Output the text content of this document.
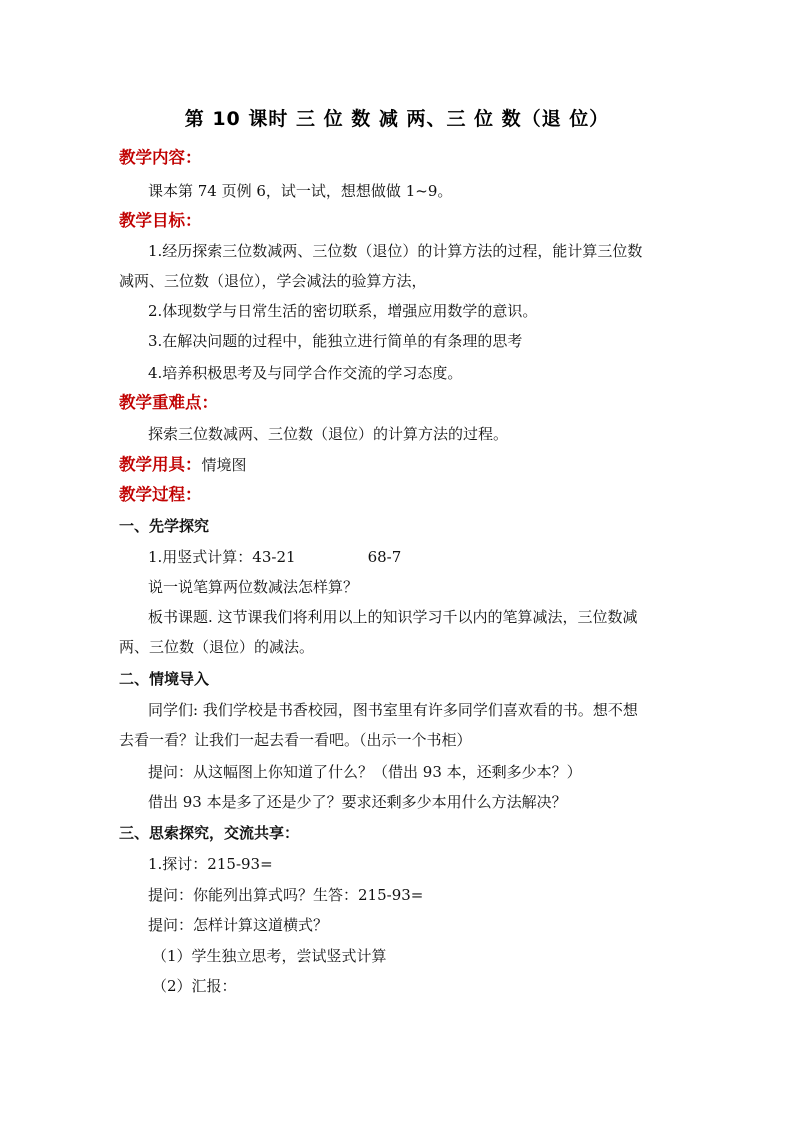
第 10 课时 三 位 数 减 两、三 位 数（退 位）
教学内容：
课本第 74 页例 6，试一试，想想做做 1~9。
教学目标：
1.经历探索三位数减两、三位数（退位）的计算方法的过程，能计算三位数
减两、三位数（退位），学会减法的验算方法，
2.体现数学与日常生活的密切联系，增强应用数学的意识。
3.在解决问题的过程中，能独立进行简单的有条理的思考
4.培养积极思考及与同学合作交流的学习态度。
教学重难点：
探索三位数减两、三位数（退位）的计算方法的过程。
教学用具：情境图
教学过程：
一、先学探究
1.用竖式计算：43-21	68-7
说一说笔算两位数减法怎样算？
板书课题. 这节课我们将利用以上的知识学习千以内的笔算减法，三位数减
两、三位数（退位）的减法。
二、情境导入
同学们: 我们学校是书香校园，图书室里有许多同学们喜欢看的书。想不想
去看一看？让我们一起去看一看吧。（出示一个书柜）
提问：从这幅图上你知道了什么？（借出 93 本，还剩多少本？）
借出 93 本是多了还是少了？要求还剩多少本用什么方法解决？
三、思索探究，交流共享：
1.探讨：215-93=
提问：你能列出算式吗？生答：215-93=
提问：怎样计算这道横式？
（1）学生独立思考，尝试竖式计算
（2）汇报：
